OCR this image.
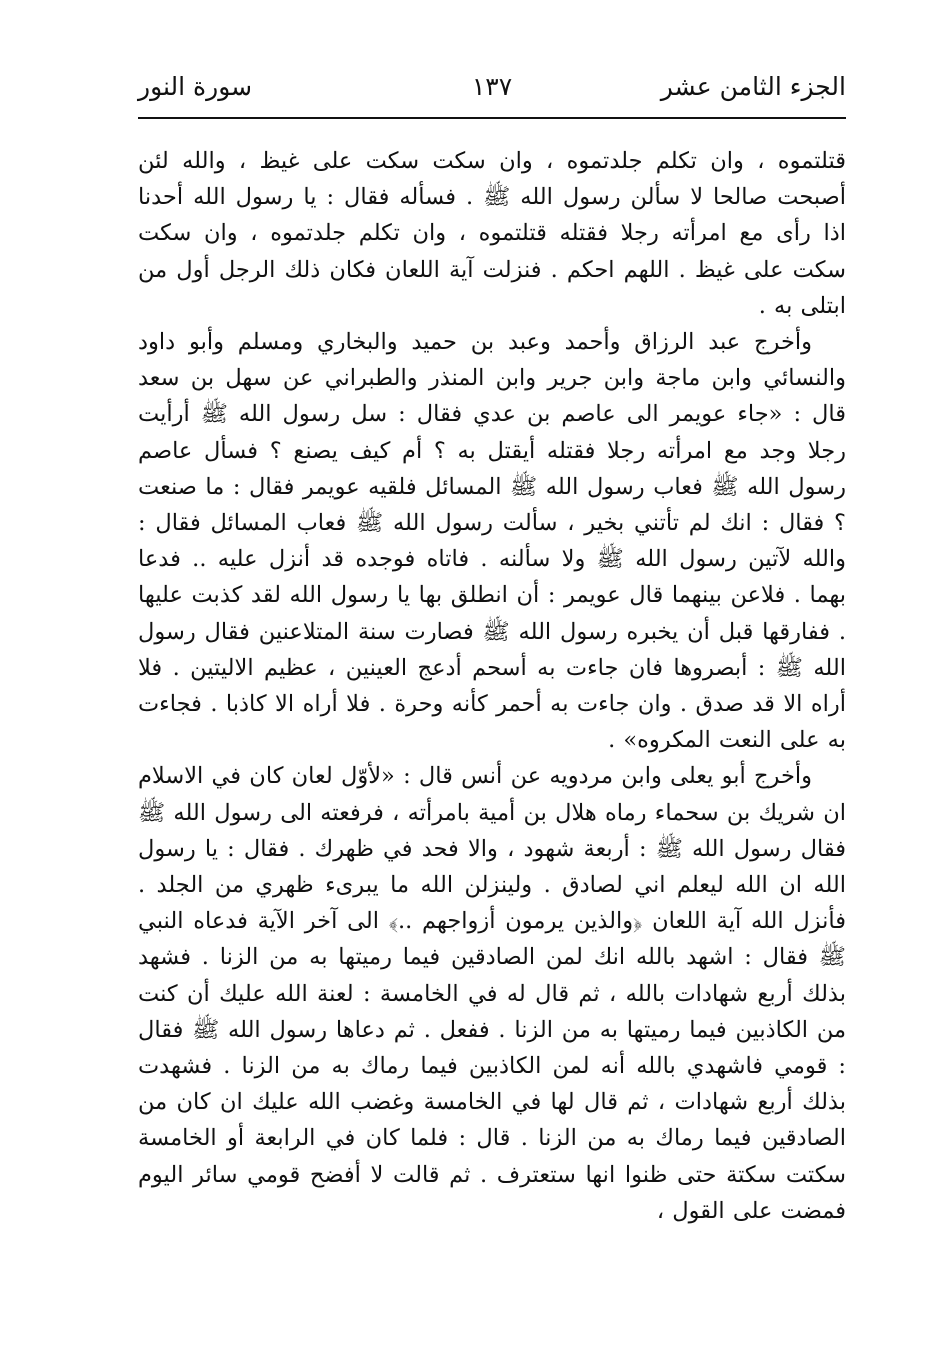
الجزء الثامن عشر
١٣٧
سورة النور

قتلتموه ، وان تكلم جلدتموه ، وان سكت سكت على غيظ ، والله لئن أصبحت صالحا لا سألن رسول الله ﷺ . فسأله فقال : يا رسول الله أحدنا اذا رأى مع امرأته رجلا فقتله قتلتموه ، وان تكلم جلدتموه ، وان سكت سكت على غيظ . اللهم احكم . فنزلت آية اللعان فكان ذلك الرجل أول من ابتلى به .

وأخرج عبد الرزاق وأحمد وعبد بن حميد والبخاري ومسلم وأبو داود والنسائي وابن ماجة وابن جرير وابن المنذر والطبراني عن سهل بن سعد قال : «جاء عويمر الى عاصم بن عدي فقال : سل رسول الله ﷺ أرأيت رجلا وجد مع امرأته رجلا فقتله أيقتل به ؟ أم كيف يصنع ؟ فسأل عاصم رسول الله ﷺ فعاب رسول الله ﷺ المسائل فلقيه عويمر فقال : ما صنعت ؟ فقال : انك لم تأتني بخير ، سألت رسول الله ﷺ فعاب المسائل فقال : والله لآتين رسول الله ﷺ ولا سألنه . فاتاه فوجده قد أنزل عليه .. فدعا بهما . فلاعن بينهما قال عويمر : أن انطلق بها يا رسول الله لقد كذبت عليها . ففارقها قبل أن يخبره رسول الله ﷺ فصارت سنة المتلاعنين فقال رسول الله ﷺ : أبصروها فان جاءت به أسحم أدعج العينين ، عظيم الاليتين . فلا أراه الا قد صدق . وان جاءت به أحمر كأنه وحرة . فلا أراه الا كاذبا . فجاءت به على النعت المكروه» .

وأخرج أبو يعلى وابن مردويه عن أنس قال : «لأوّل لعان كان في الاسلام ان شريك بن سحماء رماه هلال بن أمية بامرأته ، فرفعته الى رسول الله ﷺ فقال رسول الله ﷺ : أربعة شهود ، والا فحد في ظهرك . فقال : يا رسول الله ان الله ليعلم اني لصادق . ولينزلن الله ما يبرىء ظهري من الجلد . فأنزل الله آية اللعان ﴿والذين يرمون أزواجهم ..﴾ الى آخر الآية فدعاه النبي ﷺ فقال : اشهد بالله انك لمن الصادقين فيما رميتها به من الزنا . فشهد بذلك أربع شهادات بالله ، ثم قال له في الخامسة : لعنة الله عليك أن كنت من الكاذبين فيما رميتها به من الزنا . ففعل . ثم دعاها رسول الله ﷺ فقال : قومي فاشهدي بالله أنه لمن الكاذبين فيما رماك به من الزنا . فشهدت بذلك أربع شهادات ، ثم قال لها في الخامسة وغضب الله عليك ان كان من الصادقين فيما رماك به من الزنا . قال : فلما كان في الرابعة أو الخامسة سكتت سكتة حتى ظنوا انها ستعترف . ثم قالت لا أفضح قومي سائر اليوم فمضت على القول ،
